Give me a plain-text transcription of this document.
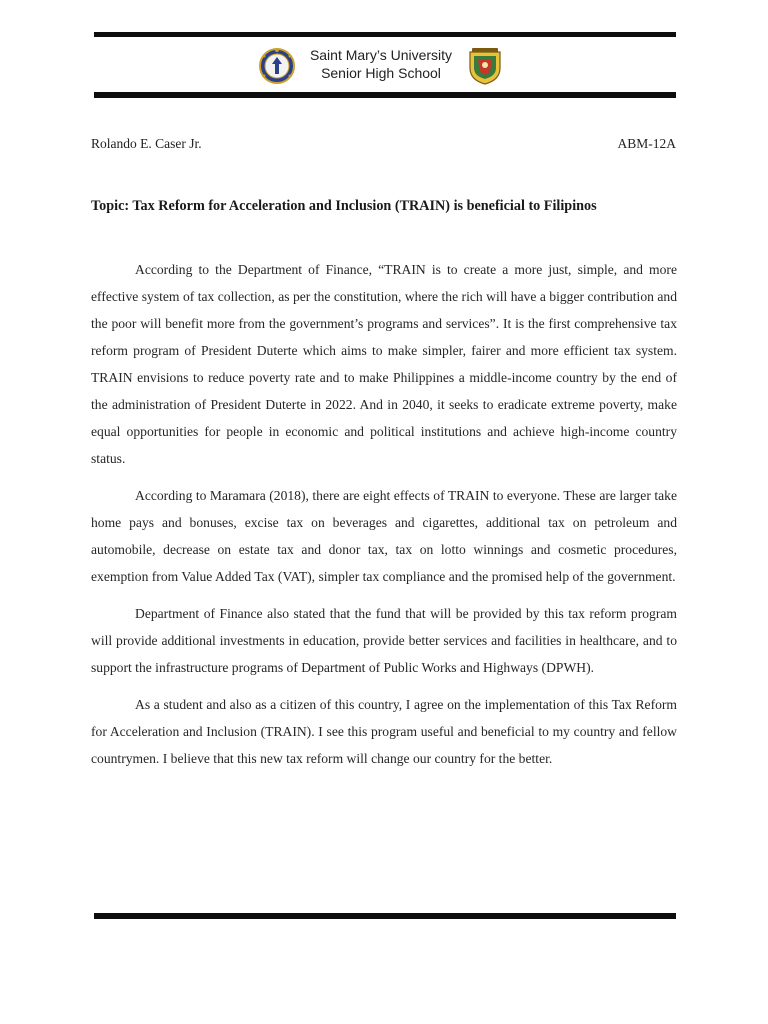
Saint Mary’s University
Senior High School
Rolando E. Caser Jr.	ABM-12A
Topic: Tax Reform for Acceleration and Inclusion (TRAIN) is beneficial to Filipinos

According to the Department of Finance, “TRAIN is to create a more just, simple, and more effective system of tax collection, as per the constitution, where the rich will have a bigger contribution and the poor will benefit more from the government’s programs and services”. It is the first comprehensive tax reform program of President Duterte which aims to make simpler, fairer and more efficient tax system. TRAIN envisions to reduce poverty rate and to make Philippines a middle-income country by the end of the administration of President Duterte in 2022. And in 2040, it seeks to eradicate extreme poverty, make equal opportunities for people in economic and political institutions and achieve high-income country status.

According to Maramara (2018), there are eight effects of TRAIN to everyone. These are larger take home pays and bonuses, excise tax on beverages and cigarettes, additional tax on petroleum and automobile, decrease on estate tax and donor tax, tax on lotto winnings and cosmetic procedures, exemption from Value Added Tax (VAT), simpler tax compliance and the promised help of the government.

Department of Finance also stated that the fund that will be provided by this tax reform program will provide additional investments in education, provide better services and facilities in healthcare, and to support the infrastructure programs of Department of Public Works and Highways (DPWH).

As a student and also as a citizen of this country, I agree on the implementation of this Tax Reform for Acceleration and Inclusion (TRAIN). I see this program useful and beneficial to my country and fellow countrymen. I believe that this new tax reform will change our country for the better.
